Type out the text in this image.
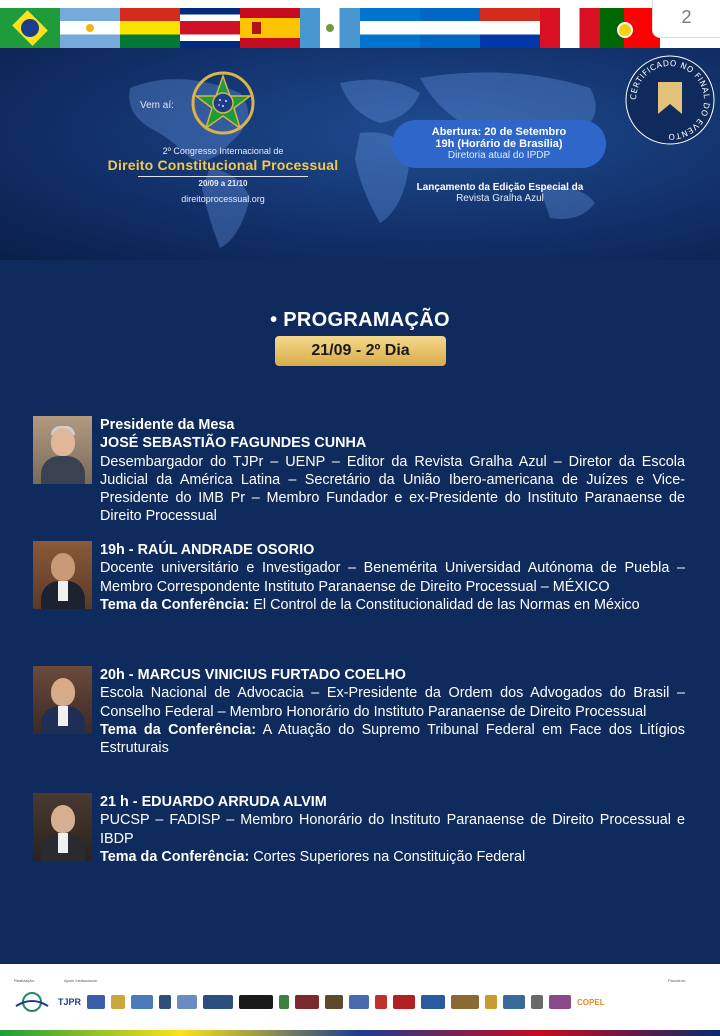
2
Vem aí:
2º Congresso Internacional de
Direito Constitucional Processual
20/09 a 21/10
direitoprocessual.org
Abertura: 20 de Setembro
19h (Horário de Brasília)
Diretoria atual do IPDP
Lançamento da Edição Especial da
Revista Gralha Azul
CERTIFICADO NO FINAL DO EVENTO
• PROGRAMAÇÃO
21/09 - 2º Dia
Presidente da Mesa
JOSÉ SEBASTIÃO FAGUNDES CUNHA
Desembargador do TJPr – UENP – Editor da Revista Gralha Azul – Diretor da Escola Judicial da América Latina – Secretário da União Ibero-americana de Juízes e Vice-Presidente do IMB Pr – Membro Fundador e ex-Presidente do Instituto Paranaense de Direito Processual
19h - RAÚL ANDRADE OSORIO
Docente universitário e Investigador – Benemérita Universidad Autónoma de Puebla – Membro Correspondente Instituto Paranaense de Direito Processual – MÉXICO
Tema da Conferência: El Control de la Constitucionalidad de las Normas en México
20h - MARCUS VINICIUS FURTADO COELHO
Escola Nacional de Advocacia – Ex-Presidente da Ordem dos Advogados do Brasil – Conselho Federal – Membro Honorário do Instituto Paranaense de Direito Processual
Tema da Conferência: A Atuação do Supremo Tribunal Federal em Face dos Litígios Estruturais
21 h - EDUARDO ARRUDA ALVIM
PUCSP – FADISP – Membro Honorário do Instituto Paranaense de Direito Processual e IBDP
Tema da Conferência: Cortes Superiores na Constituição Federal
Realização:	Apoio Institucional:	Parceiros:
TJPR	COPEL
